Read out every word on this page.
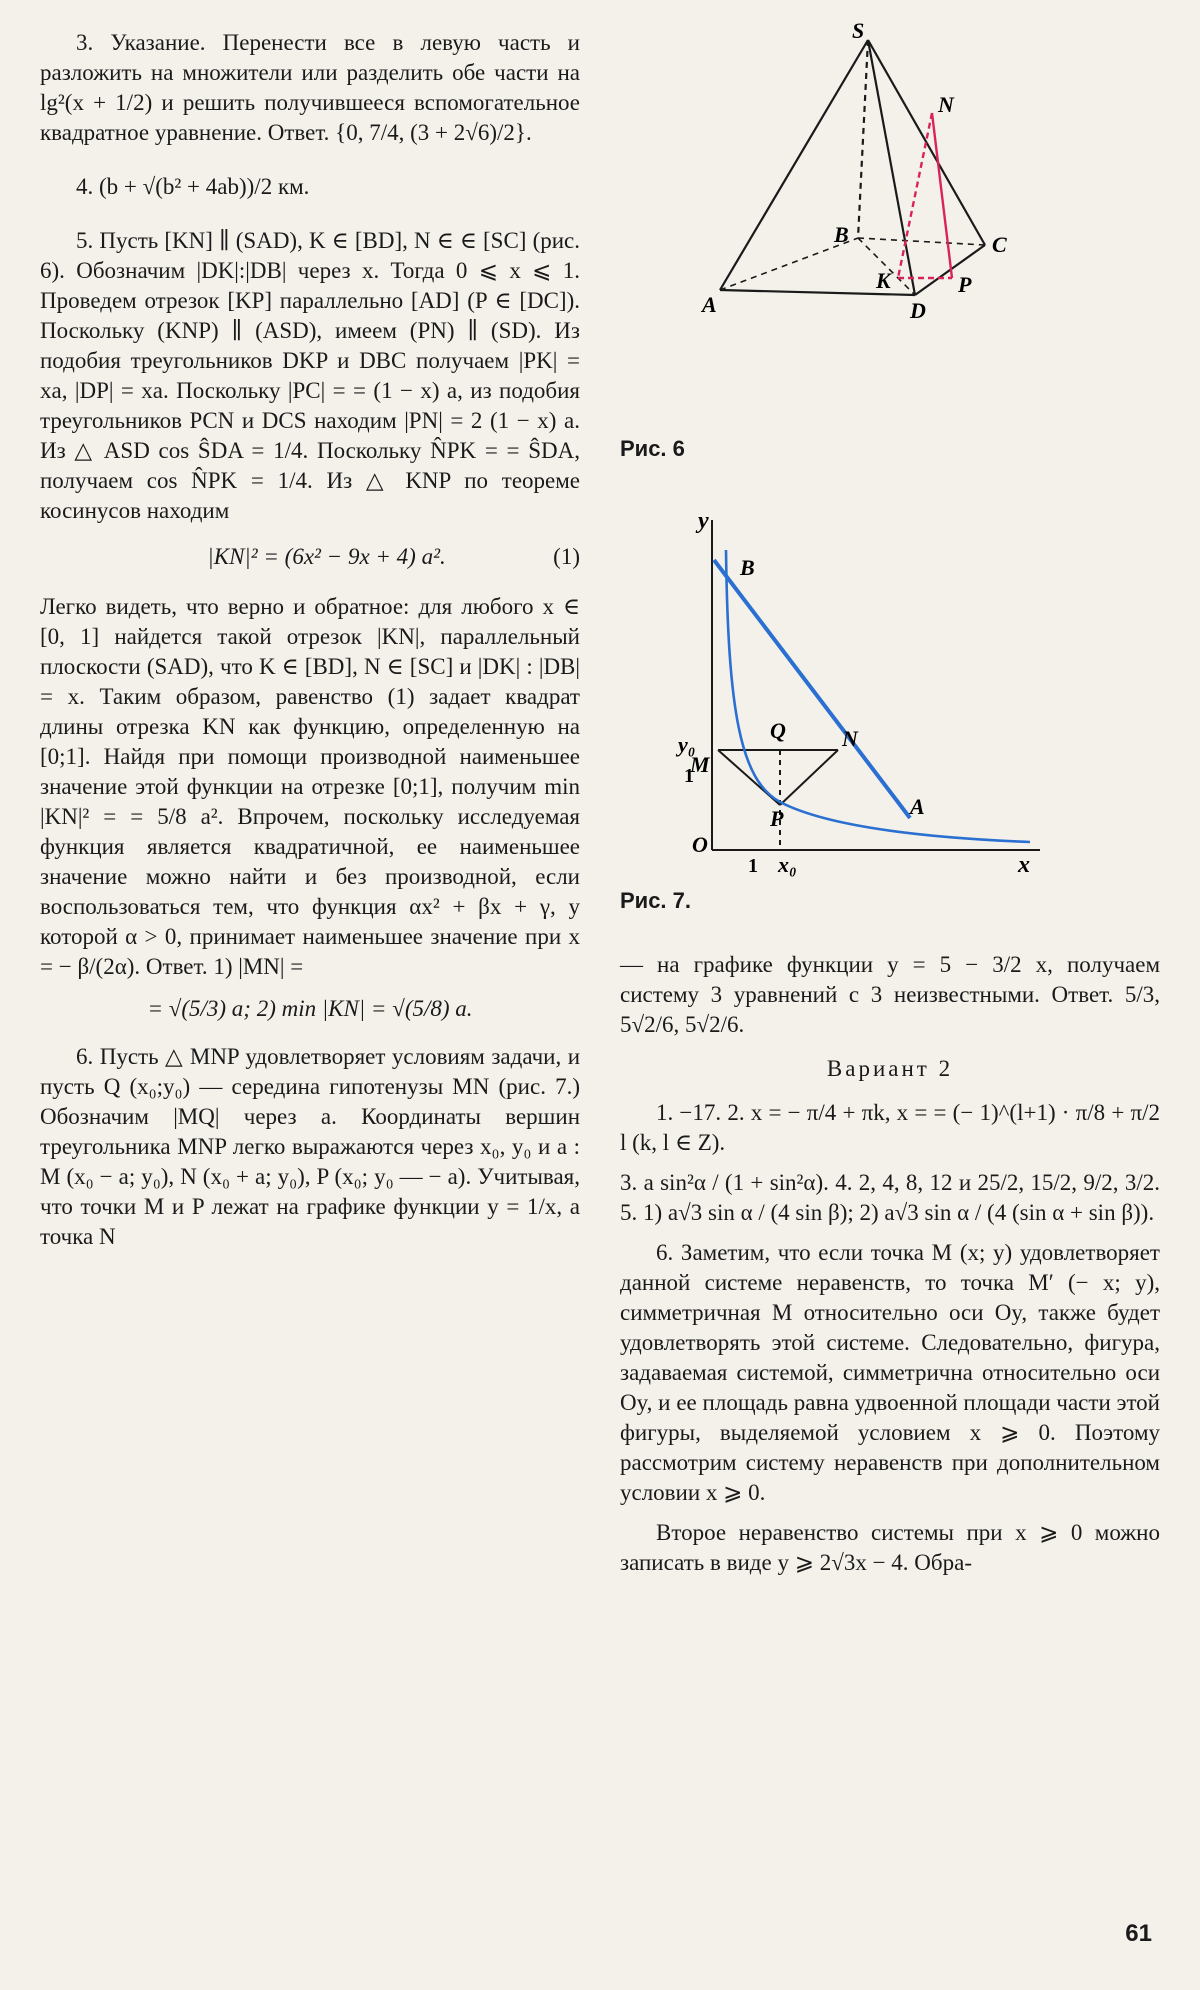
3. Указание. Перенести все в левую часть и разложить на множители или разделить обе части на lg²(x + 1/2) и решить получившееся вспомогательное квадратное уравнение. Ответ. {0, 7/4, (3 + 2√6)/2}.

4. (b + √(b² + 4ab))/2 км.

5. Пусть [KN] ∥ (SAD), K ∈ [BD], N ∈ ∈ [SC] (рис. 6). Обозначим |DK|:|DB| через x. Тогда 0 ⩽ x ⩽ 1. Проведем отрезок [KP] параллельно [AD] (P ∈ [DC]). Поскольку (KNP) ∥ (ASD), имеем (PN) ∥ (SD). Из подобия треугольников DKP и DBC получаем |PK| = xa, |DP| = xa. Поскольку |PC| = = (1 − x) a, из подобия треугольников PCN и DCS находим |PN| = 2 (1 − x) a. Из △ ASD cos ŜDA = 1/4. Поскольку N̂PK = = ŜDA, получаем cos N̂PK = 1/4. Из △ KNP по теореме косинусов находим

|KN|² = (6x² − 9x + 4) a².	(1)

Легко видеть, что верно и обратное: для любого x ∈ [0, 1] найдется такой отрезок |KN|, параллельный плоскости (SAD), что K ∈ [BD], N ∈ [SC] и |DK| : |DB| = x. Таким образом, равенство (1) задает квадрат длины отрезка KN как функцию, определенную на [0;1]. Найдя при помощи производной наименьшее значение этой функции на отрезке [0;1], получим min |KN|² = = 5/8 a². Впрочем, поскольку исследуемая функция является квадратичной, ее наименьшее значение можно найти и без производной, если воспользоваться тем, что функция αx² + βx + γ, у которой α > 0, принимает наименьшее значение при x = − β/(2α). Ответ. 1) |MN| =

= √(5/3) a; 2) min |KN| = √(5/8) a.

6. Пусть △ MNP удовлетворяет условиям задачи, и пусть Q (x₀;y₀) — середина гипотенузы MN (рис. 7.) Обозначим |MQ| через a. Координаты вершин треугольника MNP легко выражаются через x₀, y₀ и a : M (x₀ − a; y₀), N (x₀ + a; y₀), P (x₀; y₀ — − a). Учитывая, что точки M и P лежат на графике функции y = 1/x, а точка N

S
N
B	C
K	P
A	D
Рис. 6
y
B
Q	N
y₀
M
1
P	A
O
1 x₀	x
Рис. 7.

— на графике функции y = 5 − 3/2 x, получаем систему 3 уравнений с 3 неизвестными. Ответ. 5/3, 5√2/6, 5√2/6.

Вариант 2

1. −17. 2. x = − π/4 + πk, x = = (− 1)^(l+1) · π/8 + π/2 l (k, l ∈ Z).

3. a sin²α / (1 + sin²α). 4. 2, 4, 8, 12 и 25/2, 15/2, 9/2, 3/2. 5. 1) a√3 sin α / (4 sin β); 2) a√3 sin α / (4 (sin α + sin β)).

6. Заметим, что если точка M (x; y) удовлетворяет данной системе неравенств, то точка M′ (− x; y), симметричная M относительно оси Oy, также будет удовлетворять этой системе. Следовательно, фигура, задаваемая системой, симметрична относительно оси Oy, и ее площадь равна удвоенной площади части этой фигуры, выделяемой условием x ⩾ 0. Поэтому рассмотрим систему неравенств при дополнительном условии x ⩾ 0.

Второе неравенство системы при x ⩾ 0 можно записать в виде y ⩾ 2√3x − 4. Обра-

61
